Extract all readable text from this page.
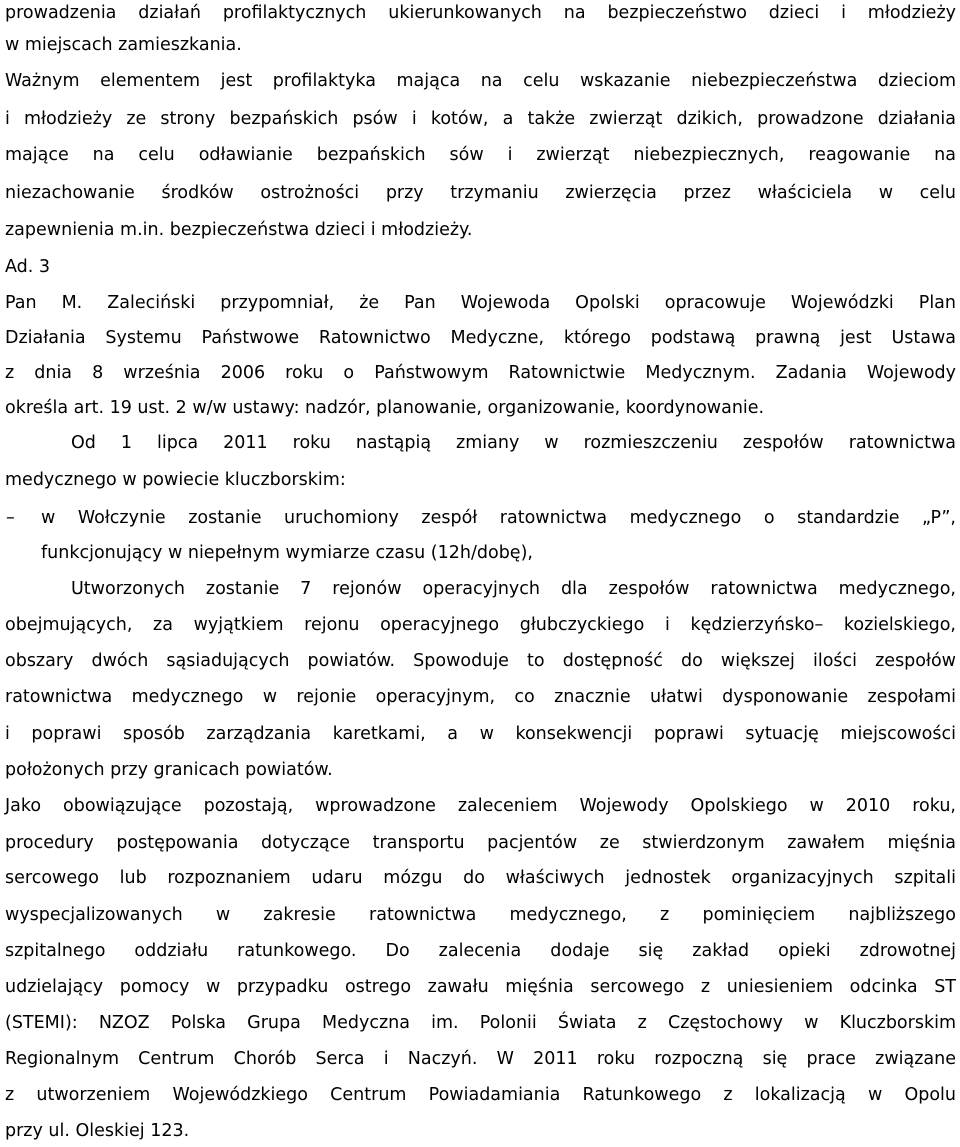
prowadzenia działań profilaktycznych ukierunkowanych na bezpieczeństwo dzieci i młodzieży
w miejscach zamieszkania.
Ważnym elementem jest profilaktyka mająca na celu wskazanie niebezpieczeństwa dzieciom
i młodzieży ze strony bezpańskich psów i kotów, a także zwierząt dzikich, prowadzone działania
mające na celu odławianie bezpańskich sów i zwierząt niebezpiecznych, reagowanie na
niezachowanie środków ostrożności przy trzymaniu zwierzęcia przez właściciela w celu
zapewnienia m.in. bezpieczeństwa dzieci i młodzieży.
Ad. 3
Pan M. Zaleciński przypomniał, że Pan Wojewoda Opolski opracowuje Wojewódzki Plan
Działania Systemu Państwowe Ratownictwo Medyczne, którego podstawą prawną jest Ustawa
z dnia 8 września 2006 roku o Państwowym Ratownictwie Medycznym. Zadania Wojewody
określa art. 19 ust. 2 w/w ustawy: nadzór, planowanie, organizowanie, koordynowanie.
Od 1 lipca 2011 roku nastąpią zmiany w rozmieszczeniu zespołów ratownictwa
medycznego w powiecie kluczborskim:
–	w Wołczynie zostanie uruchomiony zespół ratownictwa medycznego o standardzie „P”,
funkcjonujący w niepełnym wymiarze czasu (12h/dobę),
Utworzonych zostanie 7 rejonów operacyjnych dla zespołów ratownictwa medycznego,
obejmujących, za wyjątkiem rejonu operacyjnego głubczyckiego i kędzierzyńsko– kozielskiego,
obszary dwóch sąsiadujących powiatów. Spowoduje to dostępność do większej ilości zespołów
ratownictwa medycznego w rejonie operacyjnym, co znacznie ułatwi dysponowanie zespołami
i poprawi sposób zarządzania karetkami, a w konsekwencji poprawi sytuację miejscowości
położonych przy granicach powiatów.
Jako obowiązujące pozostają, wprowadzone zaleceniem Wojewody Opolskiego w 2010 roku,
procedury postępowania dotyczące transportu pacjentów ze stwierdzonym zawałem mięśnia
sercowego lub rozpoznaniem udaru mózgu do właściwych jednostek organizacyjnych szpitali
wyspecjalizowanych w zakresie ratownictwa medycznego, z pominięciem najbliższego
szpitalnego oddziału ratunkowego. Do zalecenia dodaje się zakład opieki zdrowotnej
udzielający pomocy w przypadku ostrego zawału mięśnia sercowego z uniesieniem odcinka ST
(STEMI): NZOZ Polska Grupa Medyczna im. Polonii Świata z Częstochowy w Kluczborskim
Regionalnym Centrum Chorób Serca i Naczyń. W 2011 roku rozpoczną się prace związane
z utworzeniem Wojewódzkiego Centrum Powiadamiania Ratunkowego z lokalizacją w Opolu
przy ul. Oleskiej 123.
